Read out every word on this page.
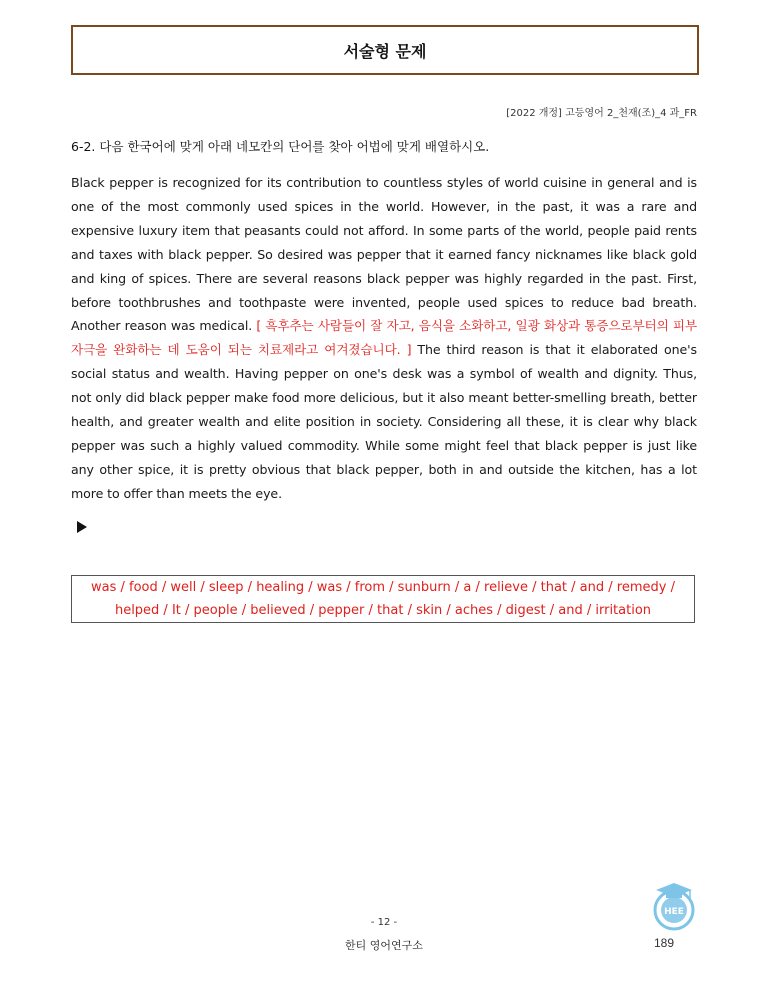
서술형 문제
[2022 개정] 고등영어 2_천재(조)_4 과_FR
6-2. 다음 한국어에 맞게 아래 네모칸의 단어를 찾아 어법에 맞게 배열하시오.
Black pepper is recognized for its contribution to countless styles of world cuisine in general and is one of the most commonly used spices in the world. However, in the past, it was a rare and expensive luxury item that peasants could not afford. In some parts of the world, people paid rents and taxes with black pepper. So desired was pepper that it earned fancy nicknames like black gold and king of spices. There are several reasons black pepper was highly regarded in the past. First, before toothbrushes and toothpaste were invented, people used spices to reduce bad breath. Another reason was medical. [ 흑후추는 사람들이 잘 자고, 음식을 소화하고, 일광 화상과 통증으로부터의 피부 자극을 완화하는 데 도움이 되는 치료제라고 여겨졌습니다. ] The third reason is that it elaborated one's social status and wealth. Having pepper on one's desk was a symbol of wealth and dignity. Thus, not only did black pepper make food more delicious, but it also meant better-smelling breath, better health, and greater wealth and elite position in society. Considering all these, it is clear why black pepper was such a highly valued commodity. While some might feel that black pepper is just like any other spice, it is pretty obvious that black pepper, both in and outside the kitchen, has a lot more to offer than meets the eye.
was / food / well / sleep / healing / was / from / sunburn / a / relieve / that / and / remedy /
helped / It / people / believed / pepper / that / skin / aches / digest / and / irritation
- 12 -
한티 영어연구소
HEE
189
